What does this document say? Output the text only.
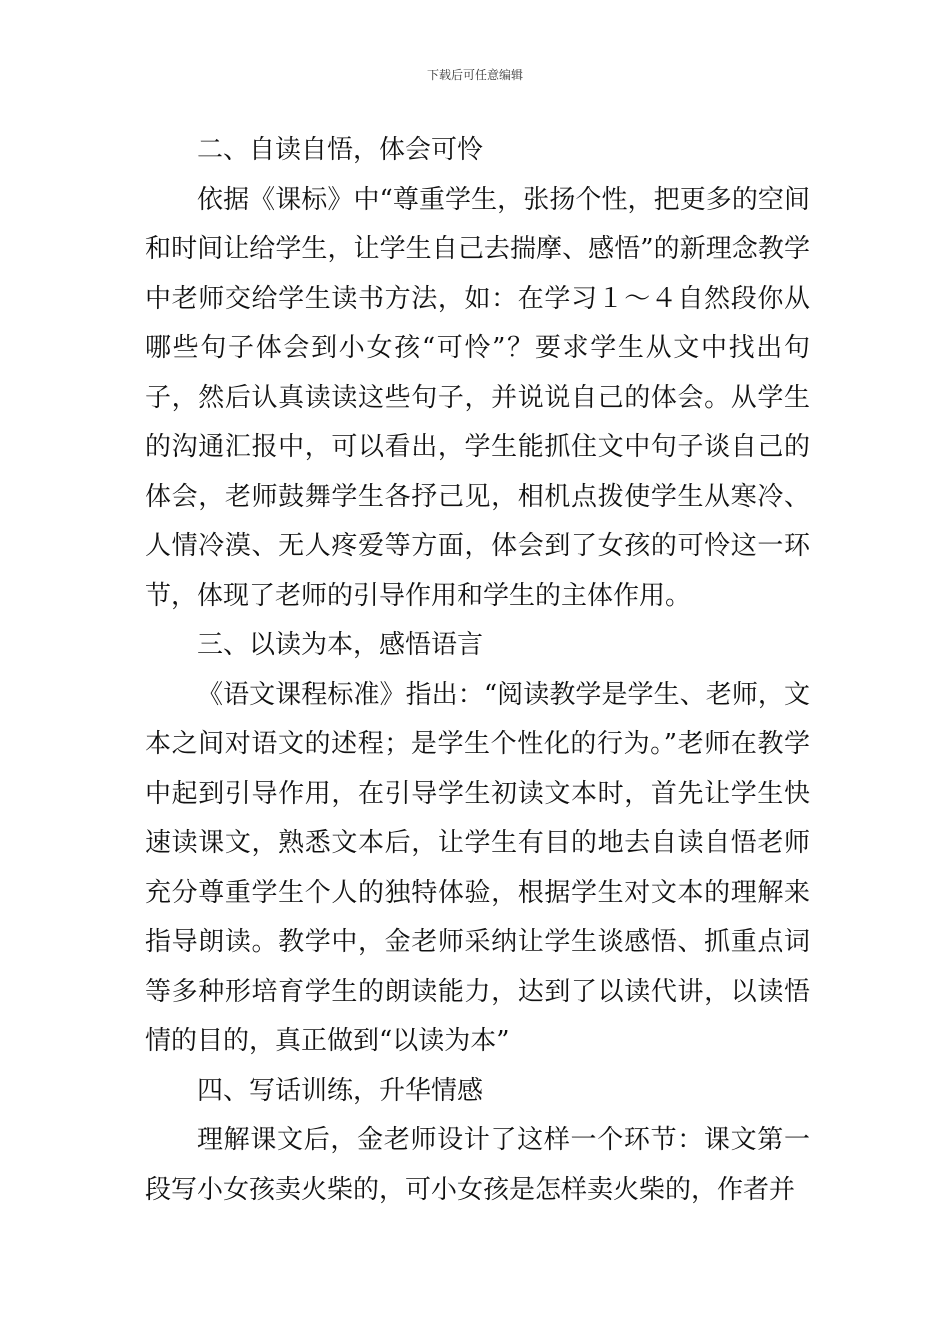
下载后可任意编辑

二、自读自悟，体会可怜

依据《课标》中“尊重学生，张扬个性，把更多的空间和时间让给学生，让学生自己去揣摩、感悟”的新理念教学中老师交给学生读书方法，如：在学习１～４自然段你从哪些句子体会到小女孩“可怜”？要求学生从文中找出句子，然后认真读读这些句子，并说说自己的体会。从学生的沟通汇报中，可以看出，学生能抓住文中句子谈自己的体会，老师鼓舞学生各抒己见，相机点拨使学生从寒冷、人情冷漠、无人疼爱等方面，体会到了女孩的可怜这一环节，体现了老师的引导作用和学生的主体作用。

三、以读为本，感悟语言

《语文课程标准》指出：“阅读教学是学生、老师，文本之间对语文的述程；是学生个性化的行为。”老师在教学中起到引导作用，在引导学生初读文本时，首先让学生快速读课文，熟悉文本后，让学生有目的地去自读自悟老师充分尊重学生个人的独特体验，根据学生对文本的理解来指导朗读。教学中，金老师采纳让学生谈感悟、抓重点词等多种形培育学生的朗读能力，达到了以读代讲，以读悟情的目的，真正做到“以读为本”

四、写话训练，升华情感

理解课文后，金老师设计了这样一个环节：课文第一段写小女孩卖火柴的，可小女孩是怎样卖火柴的，作者并
